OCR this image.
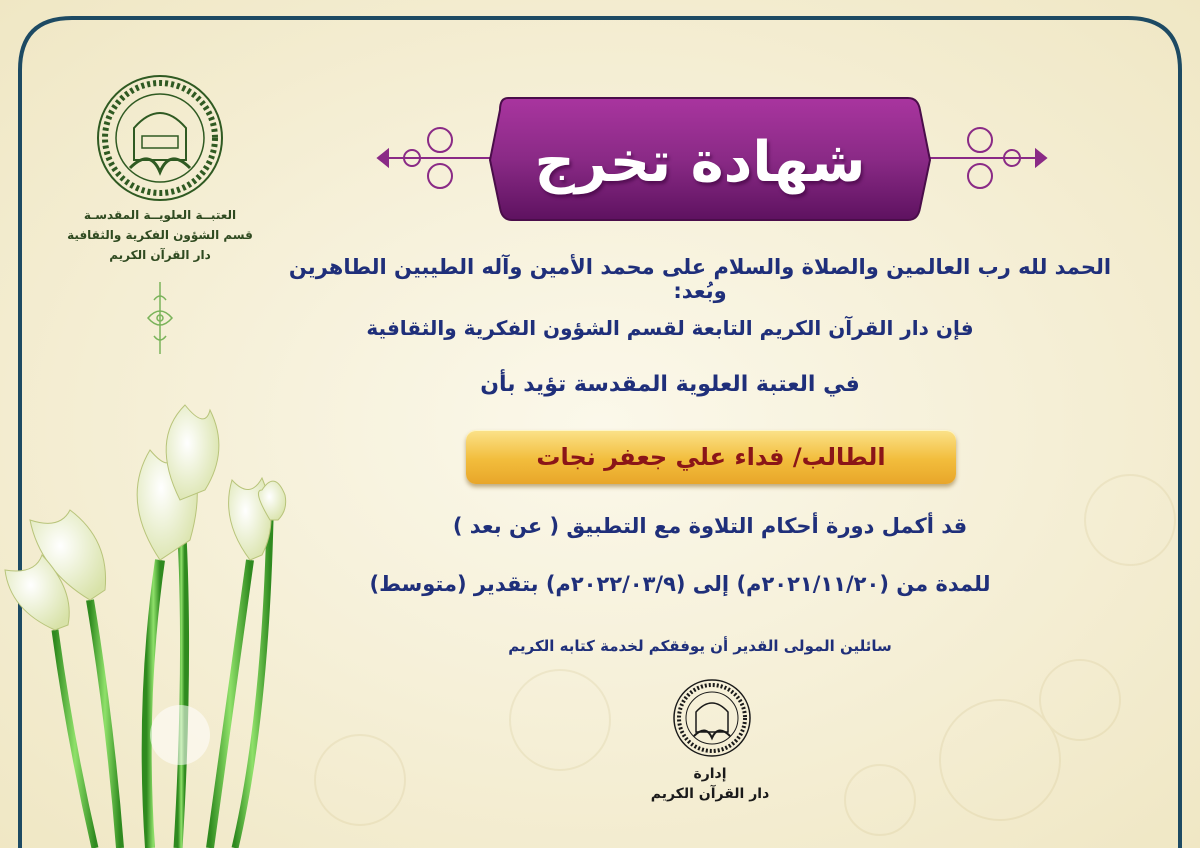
العتبــة العلويــة المقدسـة
قسم الشؤون الفكرية والثقافية
دار القرآن الكريم
شهادة تخرج
الحمد لله رب العالمين والصلاة والسلام على محمد الأمين وآله الطيبين الطاهرين وبُعد:
فإن دار القرآن الكريم التابعة لقسم الشؤون الفكرية والثقافية
في العتبة العلوية المقدسة تؤيد بأن
الطالب/ فداء علي جعفر نجات
قد أكمل دورة أحكام التلاوة مع التطبيق ( عن بعد )
للمدة من (٢٠٢١/١١/٢٠م) إلى (٢٠٢٢/٠٣/٩م) بتقدير (متوسط)
سائلين المولى القدير أن يوفقكم لخدمة كتابه الكريم
إدارة
دار القرآن الكريم
